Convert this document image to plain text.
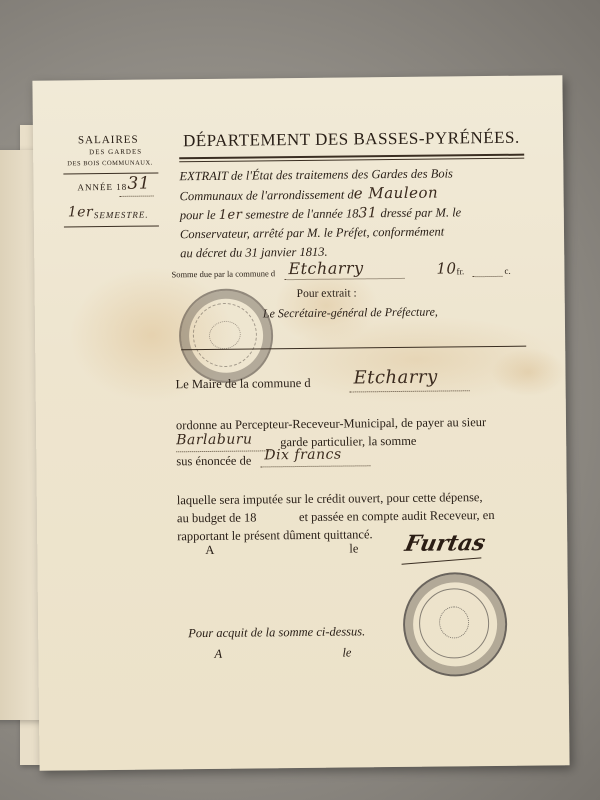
SALAIRES
DES GARDES
DES BOIS COMMUNAUX.
ANNÉE 18 31
1er SEMESTRE.
DÉPARTEMENT DES BASSES-PYRÉNÉES.
EXTRAIT de l'État des traitemens des Gardes des Bois
Communaux de l'arrondissement de Mauleon
pour le 1er semestre de l'année 1831 dressé par M. le
Conservateur, arrêté par M. le Préfet, conformément
au décret du 31 janvier 1813.
Somme due par la commune d Etcharry	10 fr.	c.
Pour extrait :
Le Secrétaire-général de Préfecture,
Le Maire de la commune d Etcharry
ordonne au Percepteur-Receveur-Municipal, de payer au sieur
Barlaburu garde particulier, la somme
sus énoncée de Dix francs
laquelle sera imputée sur le crédit ouvert, pour cette dépense,
au budget de 18	et passée en compte audit Receveur, en
rapportant le présent dûment quittancé.
A	le Furtas
Pour acquit de la somme ci-dessus.
A	le
